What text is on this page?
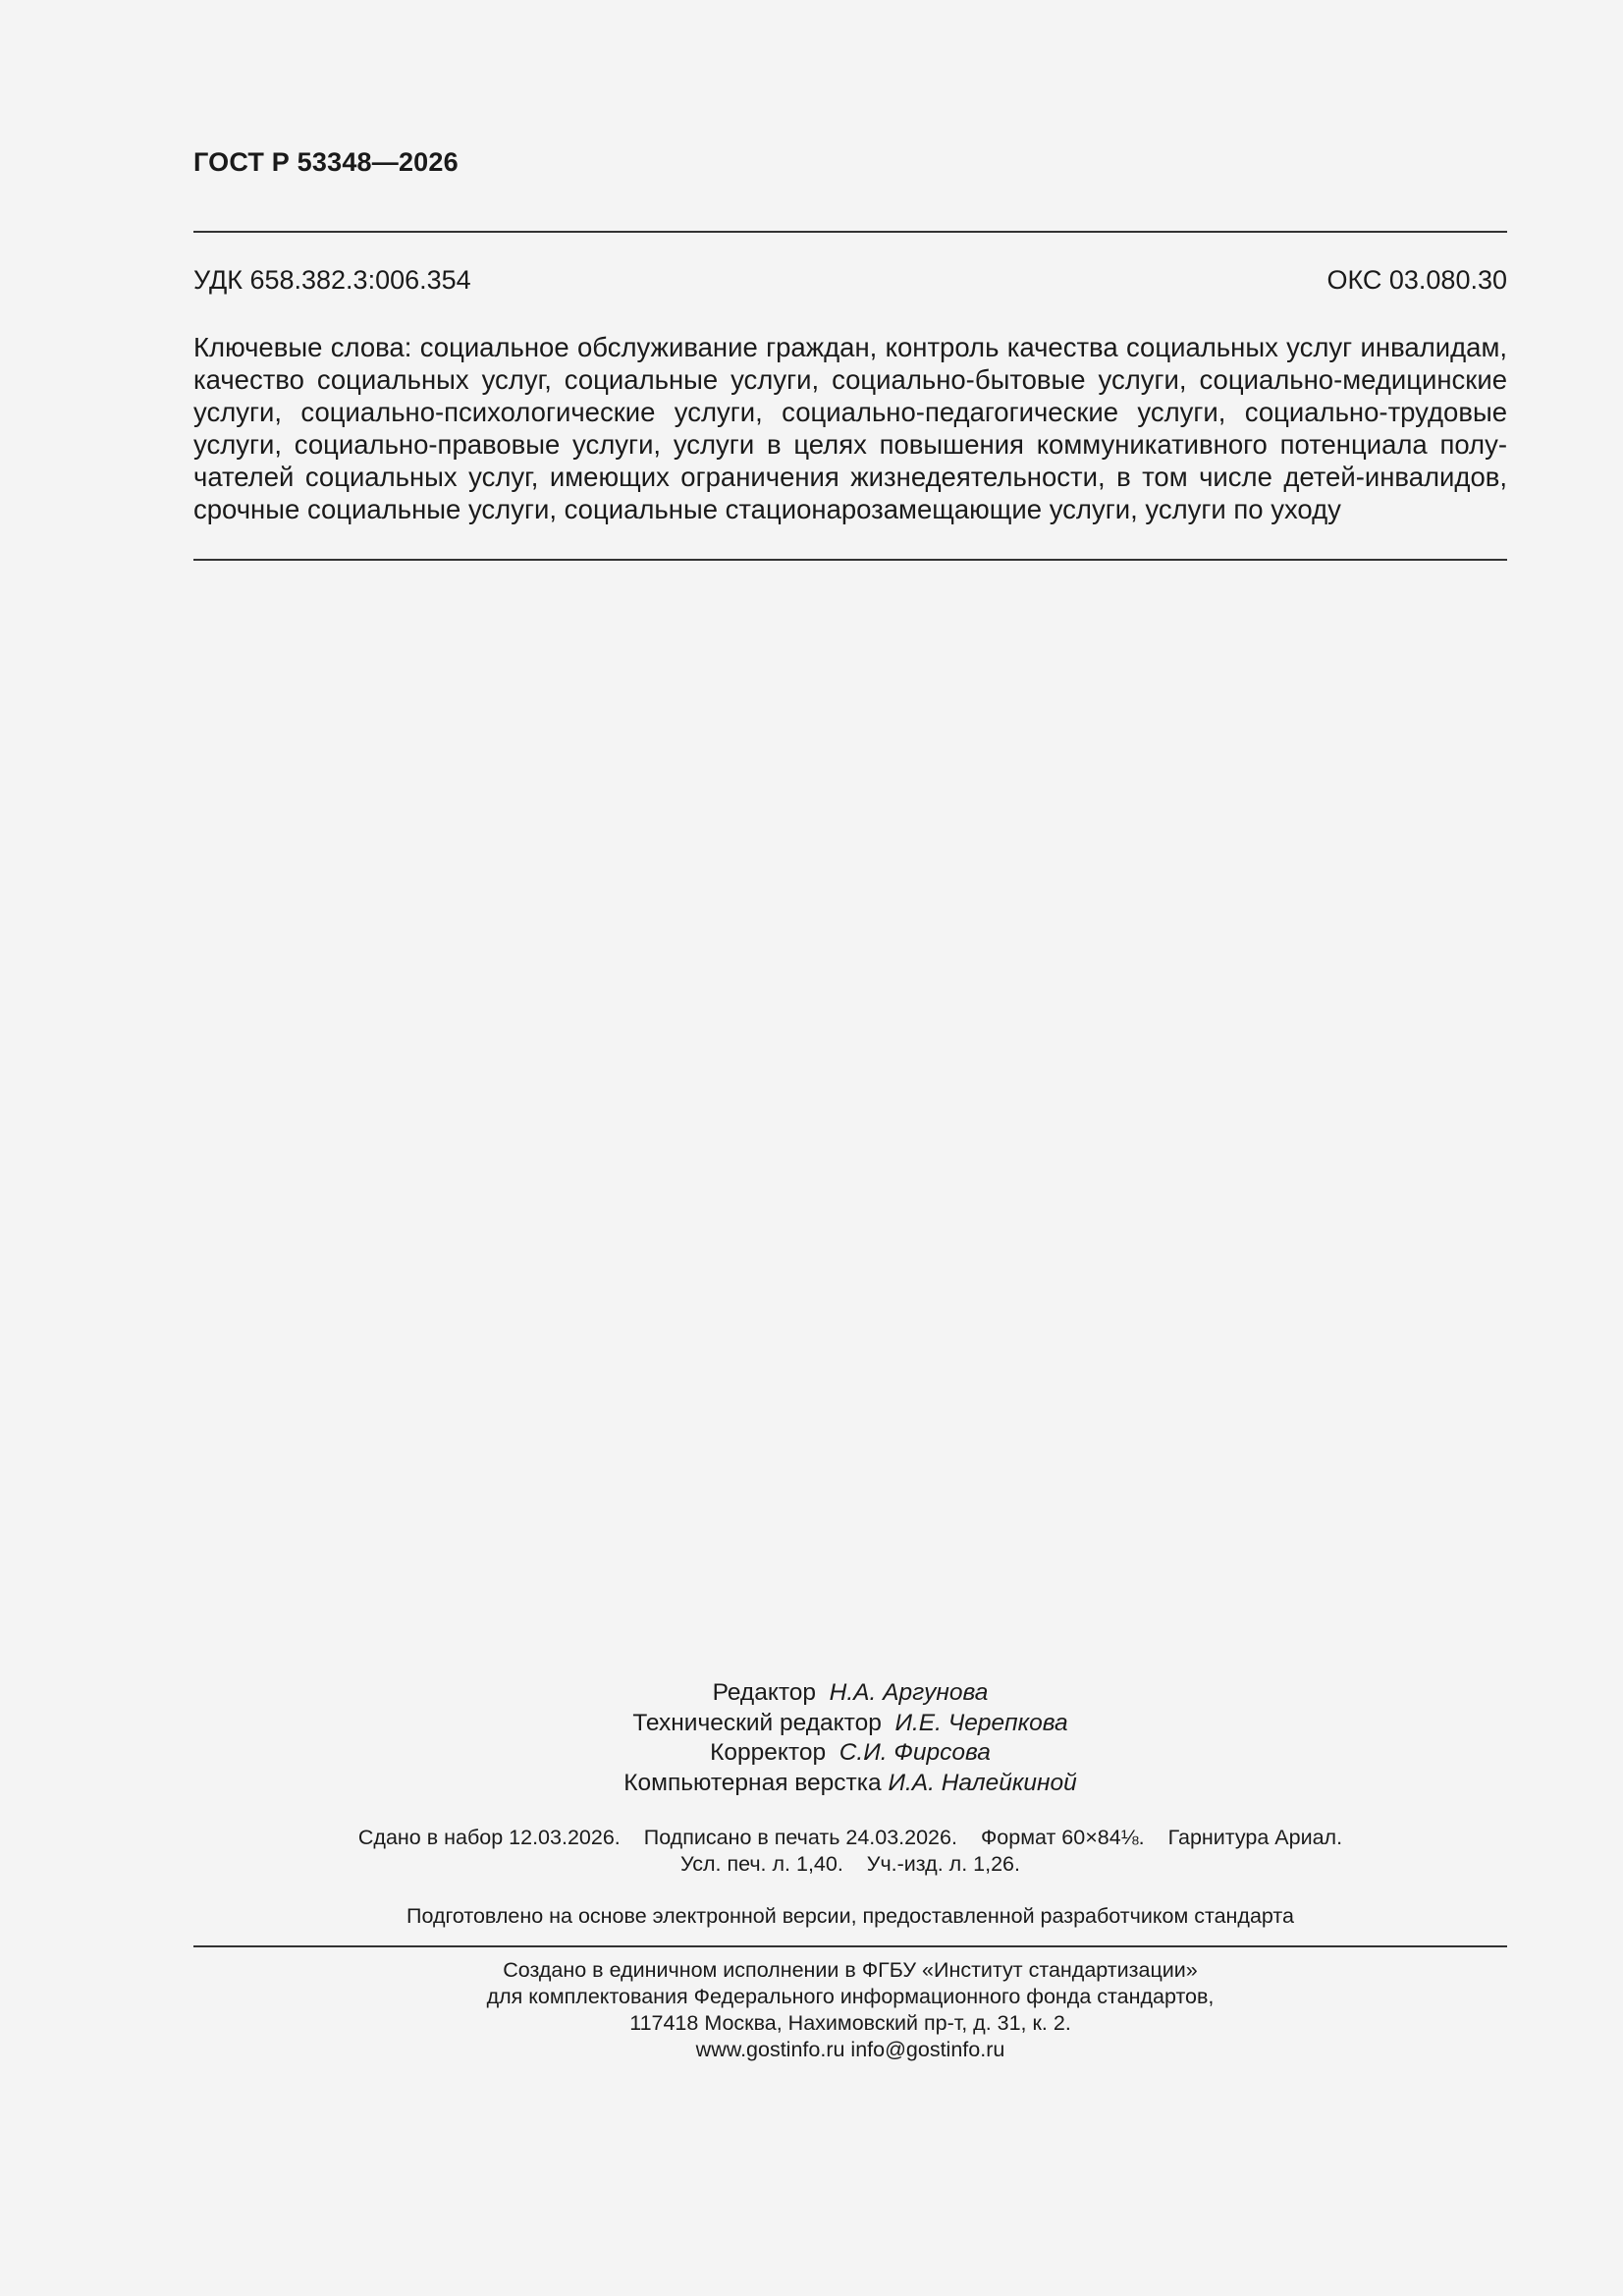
ГОСТ Р 53348—2026
УДК 658.382.3:006.354	ОКС 03.080.30
Ключевые слова: социальное обслуживание граждан, контроль качества социальных услуг инвалидам,
качество социальных услуг, социальные услуги, социально-бытовые услуги, социально-медицинские
услуги, социально-психологические услуги, социально-педагогические услуги, социально-трудовые
услуги, социально-правовые услуги, услуги в целях повышения коммуникативного потенциала полу-
чателей социальных услуг, имеющих ограничения жизнедеятельности, в том числе детей-инвалидов,
срочные социальные услуги, социальные стационарозамещающие услуги, услуги по уходу
Редактор Н.А. Аргунова
Технический редактор И.Е. Черепкова
Корректор С.И. Фирсова
Компьютерная верстка И.А. Налейкиной
Сдано в набор 12.03.2026. Подписано в печать 24.03.2026. Формат 60×84⅛. Гарнитура Ариал.
Усл. печ. л. 1,40. Уч.-изд. л. 1,26.
Подготовлено на основе электронной версии, предоставленной разработчиком стандарта
Создано в единичном исполнении в ФГБУ «Институт стандартизации»
для комплектования Федерального информационного фонда стандартов,
117418 Москва, Нахимовский пр-т, д. 31, к. 2.
www.gostinfo.ru info@gostinfo.ru
